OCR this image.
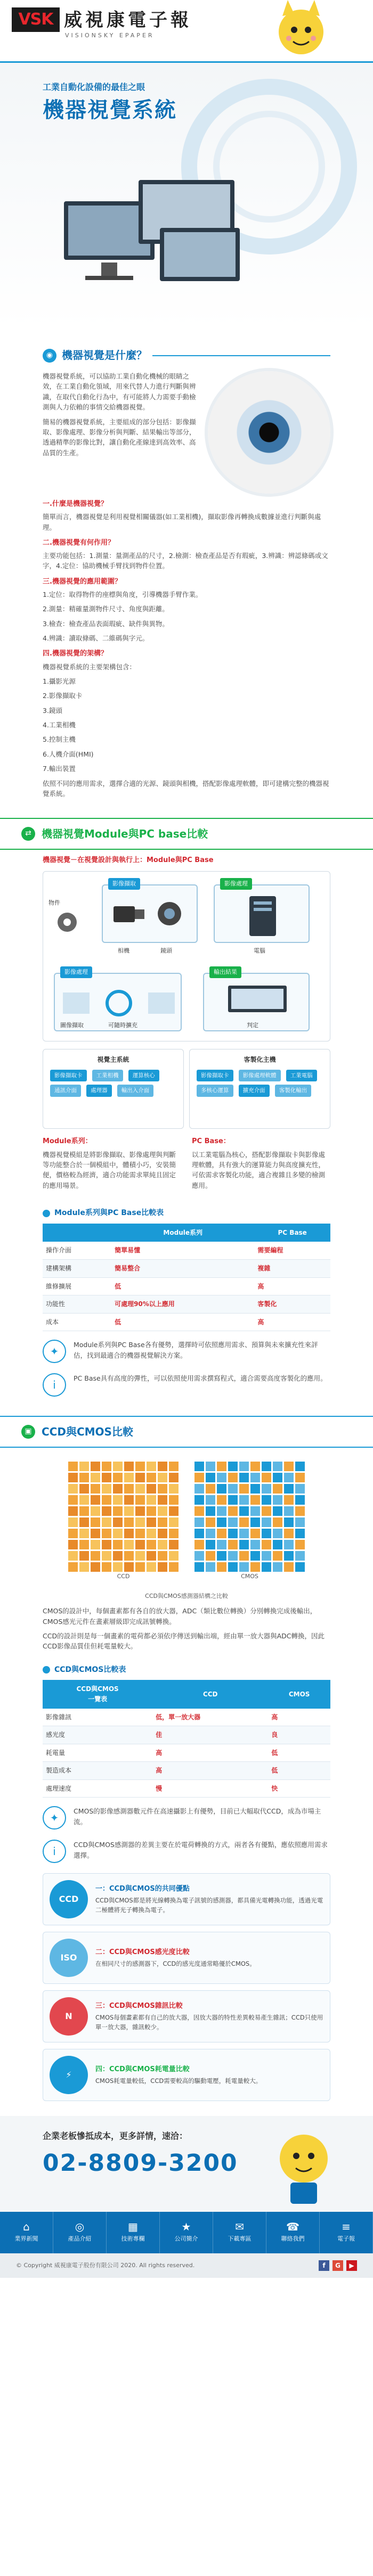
VSK 威視康電子報
VISIONSKY EPAPER
工業自動化設備的最佳之眼
機器視覺系統
◉ 機器視覺是什麼？

機器視覺系統，可以協助工業自動化機械的眼睛之效，在工業自動化領域，用來代替人力進行判斷與辨識，在取代自動化行為中，有可能將人力需要手動檢測與人力依賴的事情交給機器視覺。

簡易的機器視覺系統，主要組成的部分包括：影像擷取、影像處理、影像分析與判斷、結果輸出等部分，透過精準的影像比對，讓自動化產線達到高效率、高品質的生產。

一.什麼是機器視覺？

簡單而言，機器視覺是利用視覺相關儀器(如工業相機)，擷取影像再轉換成數據並進行判斷與處理。

二.機器視覺有何作用？

主要功能包括：1.測量：量測產品的尺寸，2.檢測：檢查產品是否有瑕疵，3.辨識：辨認條碼或文字，4.定位：協助機械手臂找到物件位置。

三.機器視覺的應用範圍？

1.定位：取得物件的座標與角度，引導機器手臂作業。

2.測量：精確量測物件尺寸、角度與距離。

3.檢查：檢查產品表面瑕疵、缺件與異物。

4.辨識：讀取條碼、二維碼與字元。

四.機器視覺的架構？

機器視覺系統的主要架構包含：

1.攝影光源

2.影像擷取卡

3.鏡頭

4.工業相機

5.控制主機

6.人機介面(HMI)

7.輸出裝置

依照不同的應用需求，選擇合適的光源、鏡頭與相機，搭配影像處理軟體，即可建構完整的機器視覺系統。

⇄ 機器視覺Module與PC base比較
機器視覺－在視覺設計與執行上：Module與PC Base
影像擷取	影像處理
物件
相機	鏡頭	電腦
影像處理
圖像擷取	可隨時擴充
輸出結果
判定
視覺主系統
影像擷取卡 工業相機 運算核心 通訊介面 處理器 輸出入介面
客製化主機
影像擷取卡 影像處理軟體 工業電腦 多核心運算 擴充介面 客製化輸出
Module系列：

機器視覺模組是將影像擷取、影像處理與判斷等功能整合於一個模組中，體積小巧，安裝簡便，價格較為經濟，適合功能需求單純且固定的應用場景。

PC Base：

以工業電腦為核心，搭配影像擷取卡與影像處理軟體，具有強大的運算能力與高度擴充性，可依需求客製化功能，適合複雜且多變的檢測應用。

Module系列與PC Base比較表
	Module系列	PC Base
操作介面	簡單易懂	需要編程
建構架構	簡易整合	複雜
維修擴展	低	高
功能性	可處理90%以上應用	客製化
成本	低	高
✦	Module系列與PC Base各有優勢，選擇時可依照應用需求、預算與未來擴充性來評估，找到最適合的機器視覺解決方案。

i	PC Base具有高度的彈性，可以依照使用需求撰寫程式，適合需要高度客製化的應用。

▣ CCD與CMOS比較
CCD	CMOS
CCD與CMOS感測器結構之比較

CMOS的設計中，每個畫素都有各自的放大器，ADC（類比數位轉換）分別轉換完成後輸出，CMOS感光元件在畫素層級即完成訊號轉換。

CCD的設計則是每一個畫素的電荷都必須依序傳送到輸出端，經由單一放大器與ADC轉換，因此CCD影像品質佳但耗電量較大。

CCD與CMOS比較表
CCD與CMOS
一覽表	CCD	CMOS
影像雜訊	低，單一放大器	高
感光度	佳	良
耗電量	高	低
製造成本	高	低
處理速度	慢	快
✦	CMOS的影像感測器數元件在高速攝影上有優勢，目前已大幅取代CCD，成為市場主流。

i	CCD與CMOS感測器的差異主要在於電荷轉換的方式，兩者各有優點，應依照應用需求選擇。

CCD
一：CCD與CMOS的共同優點
CCD與CMOS都是將光線轉換為電子訊號的感測器，都具備光電轉換功能，透過光電二極體將光子轉換為電子。
ISO
二：CCD與CMOS感光度比較
在相同尺寸的感測器下，CCD的感光度通常略優於CMOS。
N
三：CCD與CMOS雜訊比較
CMOS每個畫素都有自己的放大器，因放大器的特性差異較易產生雜訊；CCD只使用單一放大器，雜訊較少。
⚡
四：CCD與CMOS耗電量比較
CMOS耗電量較低，CCD需要較高的驅動電壓，耗電量較大。
企業老板慘抵成本，更多詳情，速洽：
02-8809-3200
⌂
業界新聞
◎
產品介紹
▦
技術專欄
★
公司簡介
✉
下載專區
☎
聯絡我們
≡
電子報
© Copyright 威視康電子股份有限公司 2020. All rights reserved.	f	G	▶
